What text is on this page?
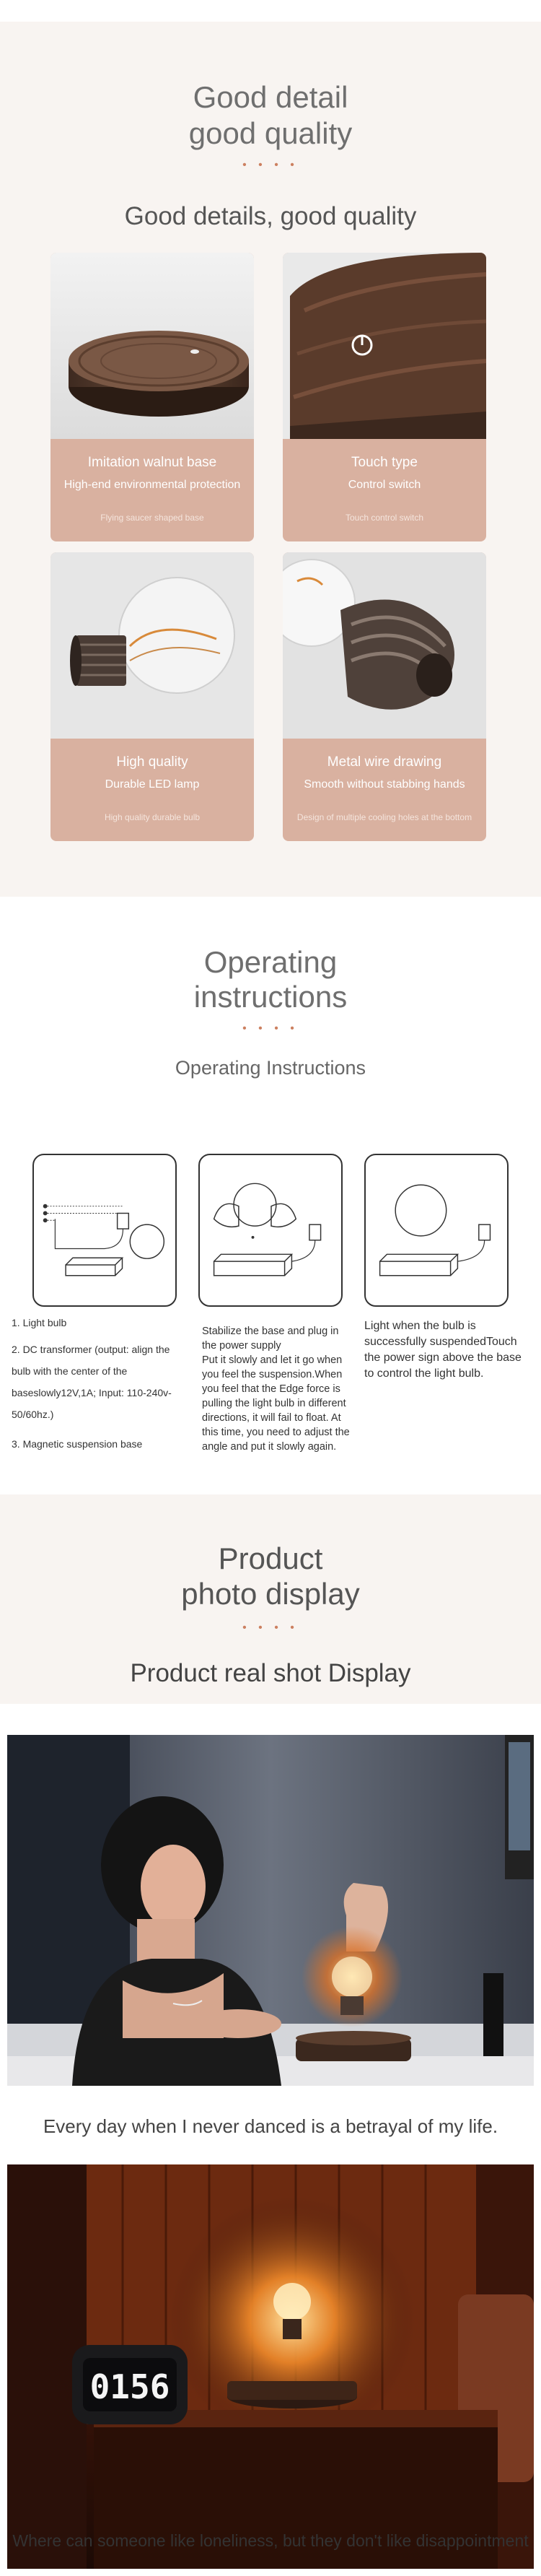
Good detail
good quality
• • • •
Good details, good quality
Imitation walnut base
High-end environmental protection
Flying saucer shaped base
Touch type
Control switch
Touch control switch
High quality
Durable LED lamp
High quality durable bulb
Metal wire drawing
Smooth without stabbing hands
Design of multiple cooling holes at the bottom
Operating
instructions
• • • •
Operating Instructions
1. Light bulb
2. DC transformer (output: align the bulb with the center of the baseslowly12V,1A; Input: 110-240v-50/60hz.)
3. Magnetic suspension base
Stabilize the base and plug in the power supply
Put it slowly and let it go when you feel the suspension.When you feel that the Edge force is pulling the light bulb in different directions, it will fail to float. At this time, you need to adjust the angle and put it slowly again.
Light when the bulb is successfully suspendedTouch the power sign above the base to control the light bulb.
Product
photo display
• • • •
Product real shot Display
Every day when I never danced is a betrayal of my life.
0156
Where can someone like loneliness, but they don't like disappointment
